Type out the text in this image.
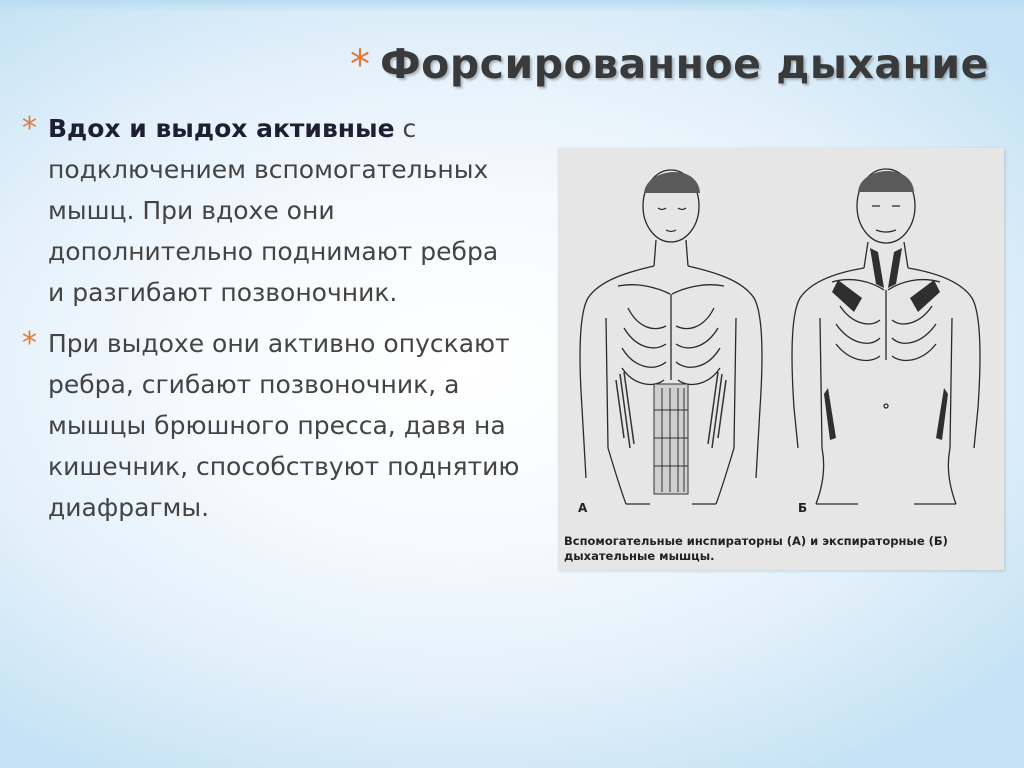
* Форсированное дыхание
* Вдох и выдох активные с подключением вспомогательных мышц. При вдохе они дополнительно поднимают ребра и разгибают позвоночник.
* При выдохе они активно опускают ребра, сгибают позвоночник, а мышцы брюшного пресса, давя на кишечник, способствуют поднятию диафрагмы.	А	Б
Вспомогательные инспираторны (А) и экспираторные (Б)
дыхательные мышцы.
